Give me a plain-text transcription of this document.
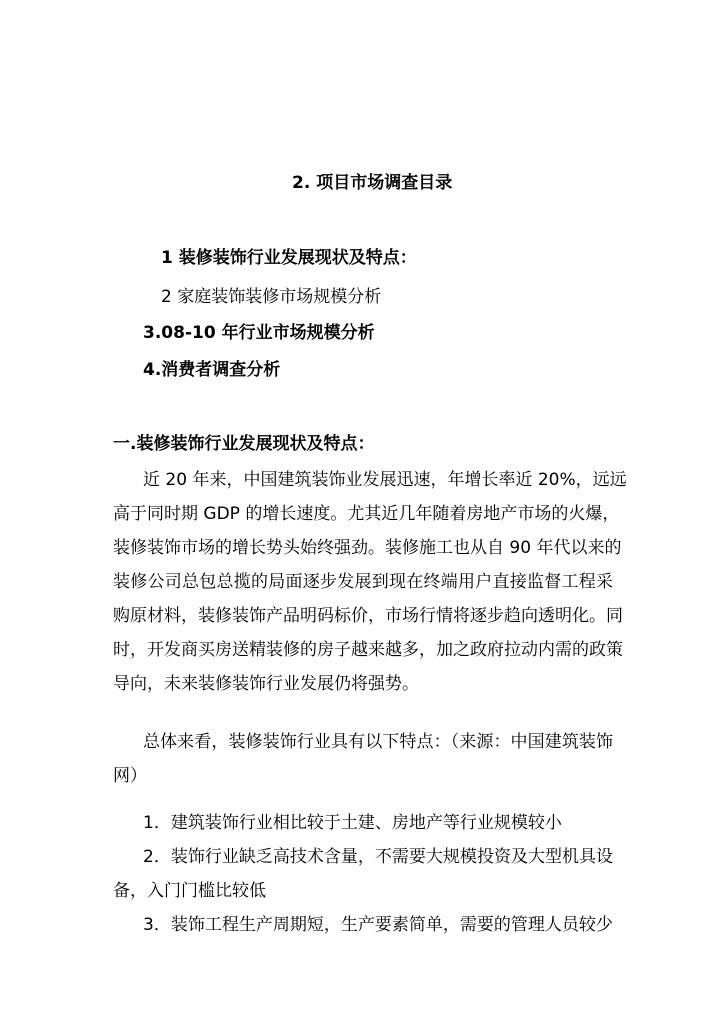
2. 项目市场调查目录
1 装修装饰行业发展现状及特点：
2 家庭装饰装修市场规模分析
3.08-10 年行业市场规模分析
4.消费者调查分析
一.装修装饰行业发展现状及特点：
近 20 年来，中国建筑装饰业发展迅速，年增长率近 20%，远远
高于同时期 GDP 的增长速度。尤其近几年随着房地产市场的火爆，
装修装饰市场的增长势头始终强劲。装修施工也从自 90 年代以来的
装修公司总包总揽的局面逐步发展到现在终端用户直接监督工程采
购原材料，装修装饰产品明码标价，市场行情将逐步趋向透明化。同
时，开发商买房送精装修的房子越来越多，加之政府拉动内需的政策
导向，未来装修装饰行业发展仍将强势。
总体来看，装修装饰行业具有以下特点：（来源：中国建筑装饰
网）
1．建筑装饰行业相比较于土建、房地产等行业规模较小
2．装饰行业缺乏高技术含量，不需要大规模投资及大型机具设
备，入门门槛比较低
3．装饰工程生产周期短，生产要素简单，需要的管理人员较少
